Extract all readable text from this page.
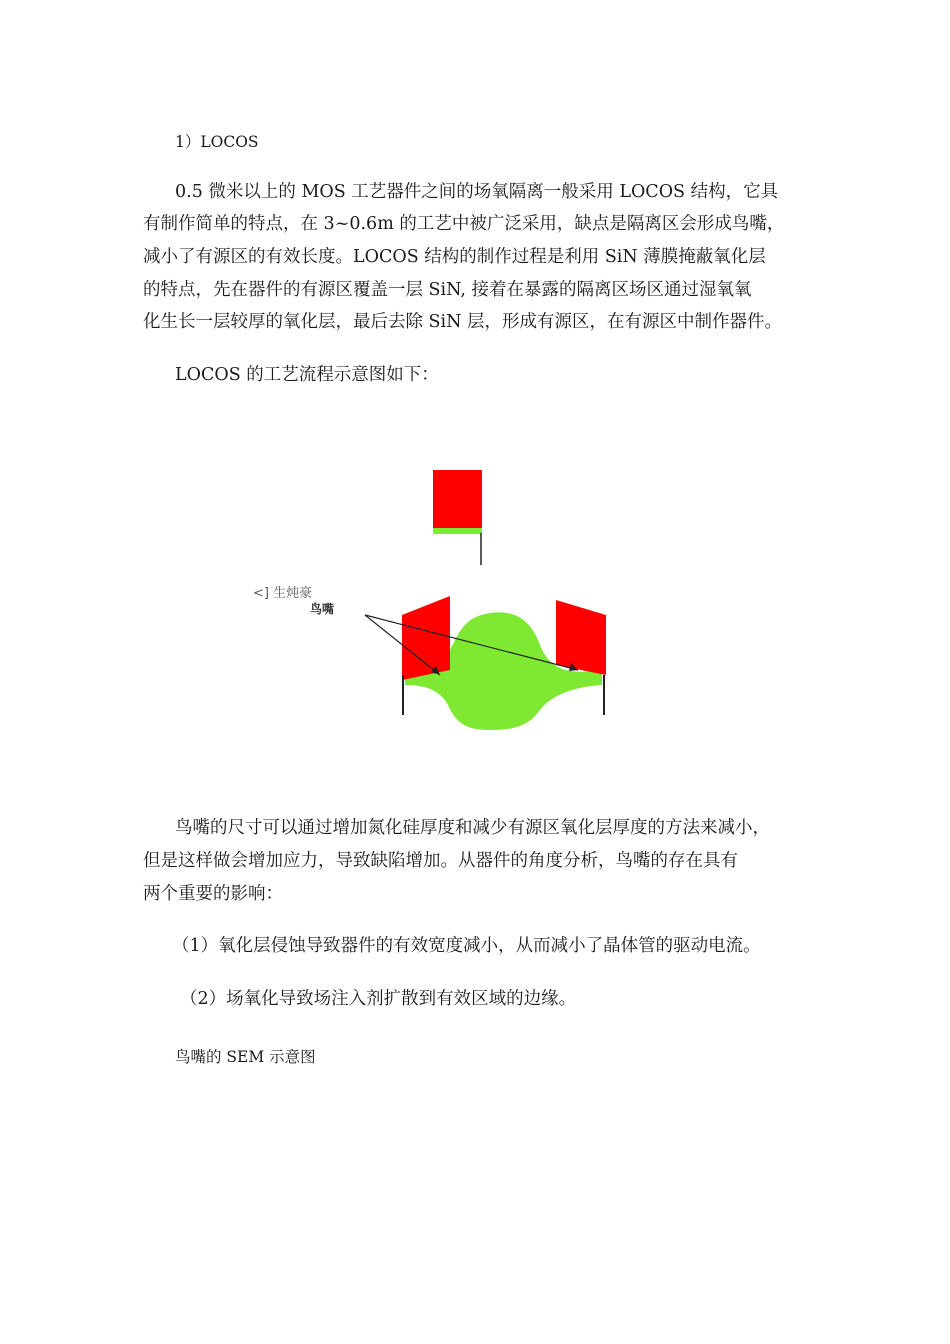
1）LOCOS
0.5 微米以上的 MOS 工艺器件之间的场氧隔离一般采用 LOCOS 结构，它具
有制作简单的特点，在 3~0.6m 的工艺中被广泛采用，缺点是隔离区会形成鸟嘴，
减小了有源区的有效长度。LOCOS 结构的制作过程是利用 SiN 薄膜掩蔽氧化层
的特点，先在器件的有源区覆盖一层 SiN, 接着在暴露的隔离区场区通过湿氧氧
化生长一层较厚的氧化层，最后去除 SiN 层，形成有源区，在有源区中制作器件。
LOCOS 的工艺流程示意图如下：
<] 生炖豪
鸟嘴
鸟嘴的尺寸可以通过增加氮化硅厚度和减少有源区氧化层厚度的方法来减小，
但是这样做会增加应力，导致缺陷增加。从器件的角度分析，鸟嘴的存在具有
两个重要的影响：
（1）氧化层侵蚀导致器件的有效宽度减小，从而减小了晶体管的驱动电流。
（2）场氧化导致场注入剂扩散到有效区域的边缘。
鸟嘴的 SEM 示意图
